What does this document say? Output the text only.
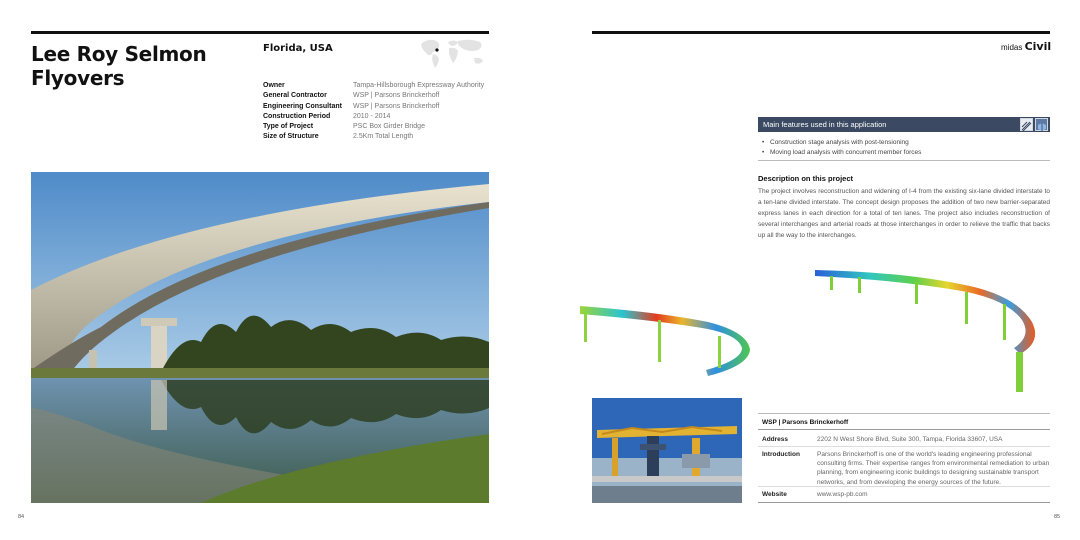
Lee Roy Selmon
Flyovers
Florida, USA
Owner	Tampa-Hillsborough Expressway Authority
General Contractor	WSP | Parsons Brinckerhoff
Engineering Consultant	WSP | Parsons Brinckerhoff
Construction Period	2010 - 2014
Type of Project	PSC Box Girder Bridge
Size of Structure	2.5Km Total Length
84
midas Civil
Main features used in this application
• Construction stage analysis with post-tensioning
• Moving load analysis with concurrent member forces
Description on this project
The project involves reconstruction and widening of I-4 from the existing six-lane divided interstate to a ten-lane divided interstate. The concept design proposes the addition of two new barrier-separated express lanes in each direction for a total of ten lanes. The project also includes reconstruction of several interchanges and arterial roads at those interchanges in order to relieve the traffic that backs up all the way to the interchanges.
WSP | Parsons Brinckerhoff
Address	2202 N West Shore Blvd, Suite 300, Tampa, Florida 33607, USA
Introduction	Parsons Brinckerhoff is one of the world's leading engineering professional consulting firms. Their expertise ranges from environmental remediation to urban planning, from engineering iconic buildings to designing sustainable transport networks, and from developing the energy sources of the future.
Website	www.wsp-pb.com
85
